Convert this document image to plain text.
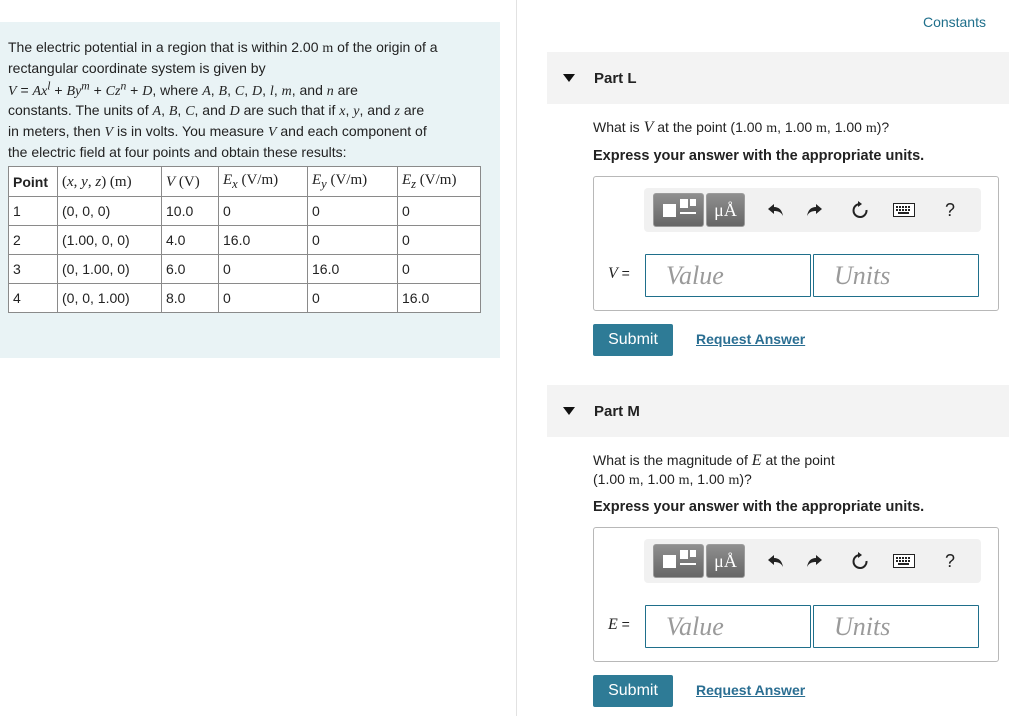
The electric potential in a region that is within 2.00 m of the origin of a
rectangular coordinate system is given by
$V = Ax^l + By^m + Cz^n + D$, where A, B, C, D, l, m, and n are
constants. The units of A, B, C, and D are such that if x, y, and z are
in meters, then V is in volts. You measure V and each component of
the electric field at four points and obtain these results:
Point	(x, y, z) (m)	V (V)	$E_x$ (V/m)	$E_y$ (V/m)	$E_z$ (V/m)
1	(0, 0, 0)	10.0	0	0	0
2	(1.00, 0, 0)	4.0	16.0	0	0
3	(0, 1.00, 0)	6.0	0	16.0	0
4	(0, 0, 1.00)	8.0	0	0	16.0
Constants
Part L
What is V at the point (1.00 m, 1.00 m, 1.00 m)?
Express your answer with the appropriate units.
μÅ	?
V =
Value
Units
Submit	Request Answer
Part M
What is the magnitude of E at the point
(1.00 m, 1.00 m, 1.00 m)?
Express your answer with the appropriate units.
μÅ	?
E =
Value
Units
Submit	Request Answer
